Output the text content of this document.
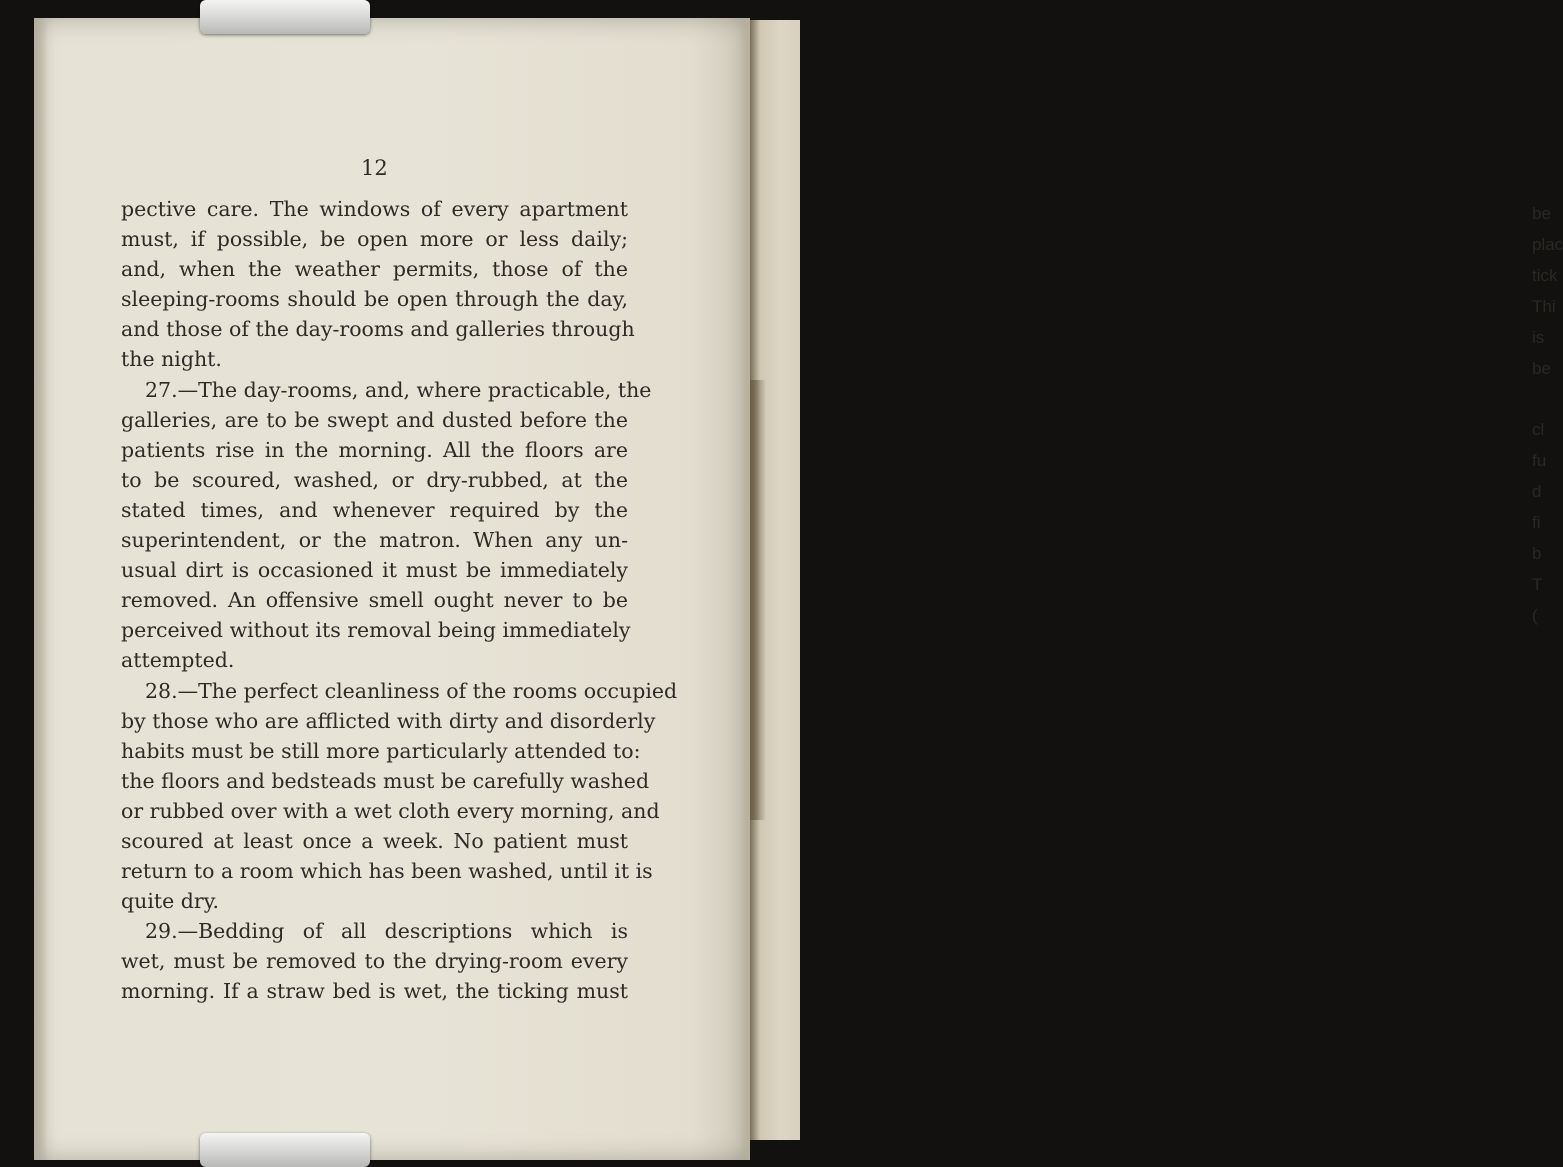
be
plac
tick
Thi
is
be
cl
fu
d
fi
b
T
(
12
pective care. The windows of every apartment
must, if possible, be open more or less daily;
and, when the weather permits, those of the
sleeping-rooms should be open through the day,
and those of the day-rooms and galleries through
the night.
27.—The day-rooms, and, where practicable, the
galleries, are to be swept and dusted before the
patients rise in the morning. All the floors are
to be scoured, washed, or dry-rubbed, at the
stated times, and whenever required by the
superintendent, or the matron. When any un-
usual dirt is occasioned it must be immediately
removed. An offensive smell ought never to be
perceived without its removal being immediately
attempted.
28.—The perfect cleanliness of the rooms occupied
by those who are afflicted with dirty and disorderly
habits must be still more particularly attended to:
the floors and bedsteads must be carefully washed
or rubbed over with a wet cloth every morning, and
scoured at least once a week. No patient must
return to a room which has been washed, until it is
quite dry.
29.—Bedding of all descriptions which is
wet, must be removed to the drying-room every
morning. If a straw bed is wet, the ticking must
